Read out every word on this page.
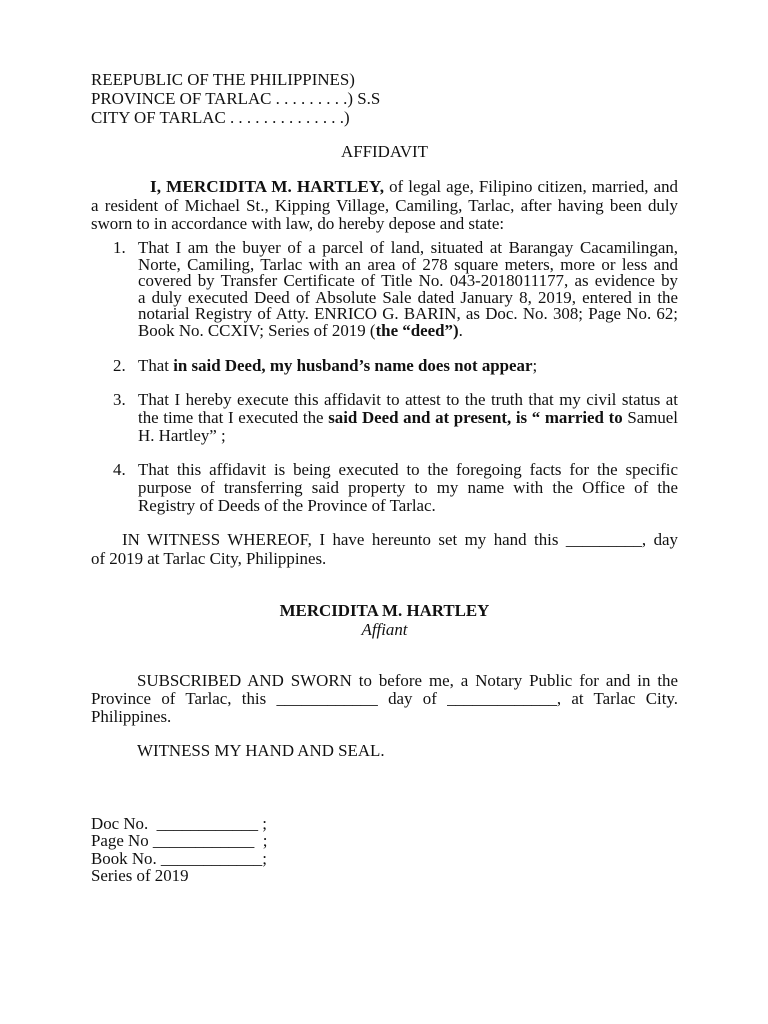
REEPUBLIC OF THE PHILIPPINES)
PROVINCE OF TARLAC . . . . . . . . .) S.S
CITY OF TARLAC . . . . . . . . . . . . . .)
AFFIDAVIT
I, MERCIDITA M. HARTLEY, of legal age, Filipino citizen, married, and
a resident of Michael St., Kipping Village, Camiling, Tarlac, after having been duly
sworn to in accordance with law, do hereby depose and state:
1. That I am the buyer of a parcel of land, situated at Barangay Cacamilingan,
Norte, Camiling, Tarlac with an area of 278 square meters, more or less and
covered by Transfer Certificate of Title No. 043-2018011177, as evidence by
a duly executed Deed of Absolute Sale dated January 8, 2019, entered in the
notarial Registry of Atty. ENRICO G. BARIN, as Doc. No. 308; Page No. 62;
Book No. CCXIV; Series of 2019 (the “deed”).
2. That in said Deed, my husband’s name does not appear;
3. That I hereby execute this affidavit to attest to the truth that my civil status at
the time that I executed the said Deed and at present, is “ married to Samuel
H. Hartley” ;
4. That this affidavit is being executed to the foregoing facts for the specific
purpose of transferring said property to my name with the Office of the
Registry of Deeds of the Province of Tarlac.
IN WITNESS WHEREOF, I have hereunto set my hand this _________, day
of 2019 at Tarlac City, Philippines.
MERCIDITA M. HARTLEY
Affiant
SUBSCRIBED AND SWORN to before me, a Notary Public for and in the
Province of Tarlac, this ____________ day of _____________, at Tarlac City.
Philippines.
WITNESS MY HAND AND SEAL.
Doc No.  ____________ ;
Page No ____________  ;
Book No. ____________;
Series of 2019
